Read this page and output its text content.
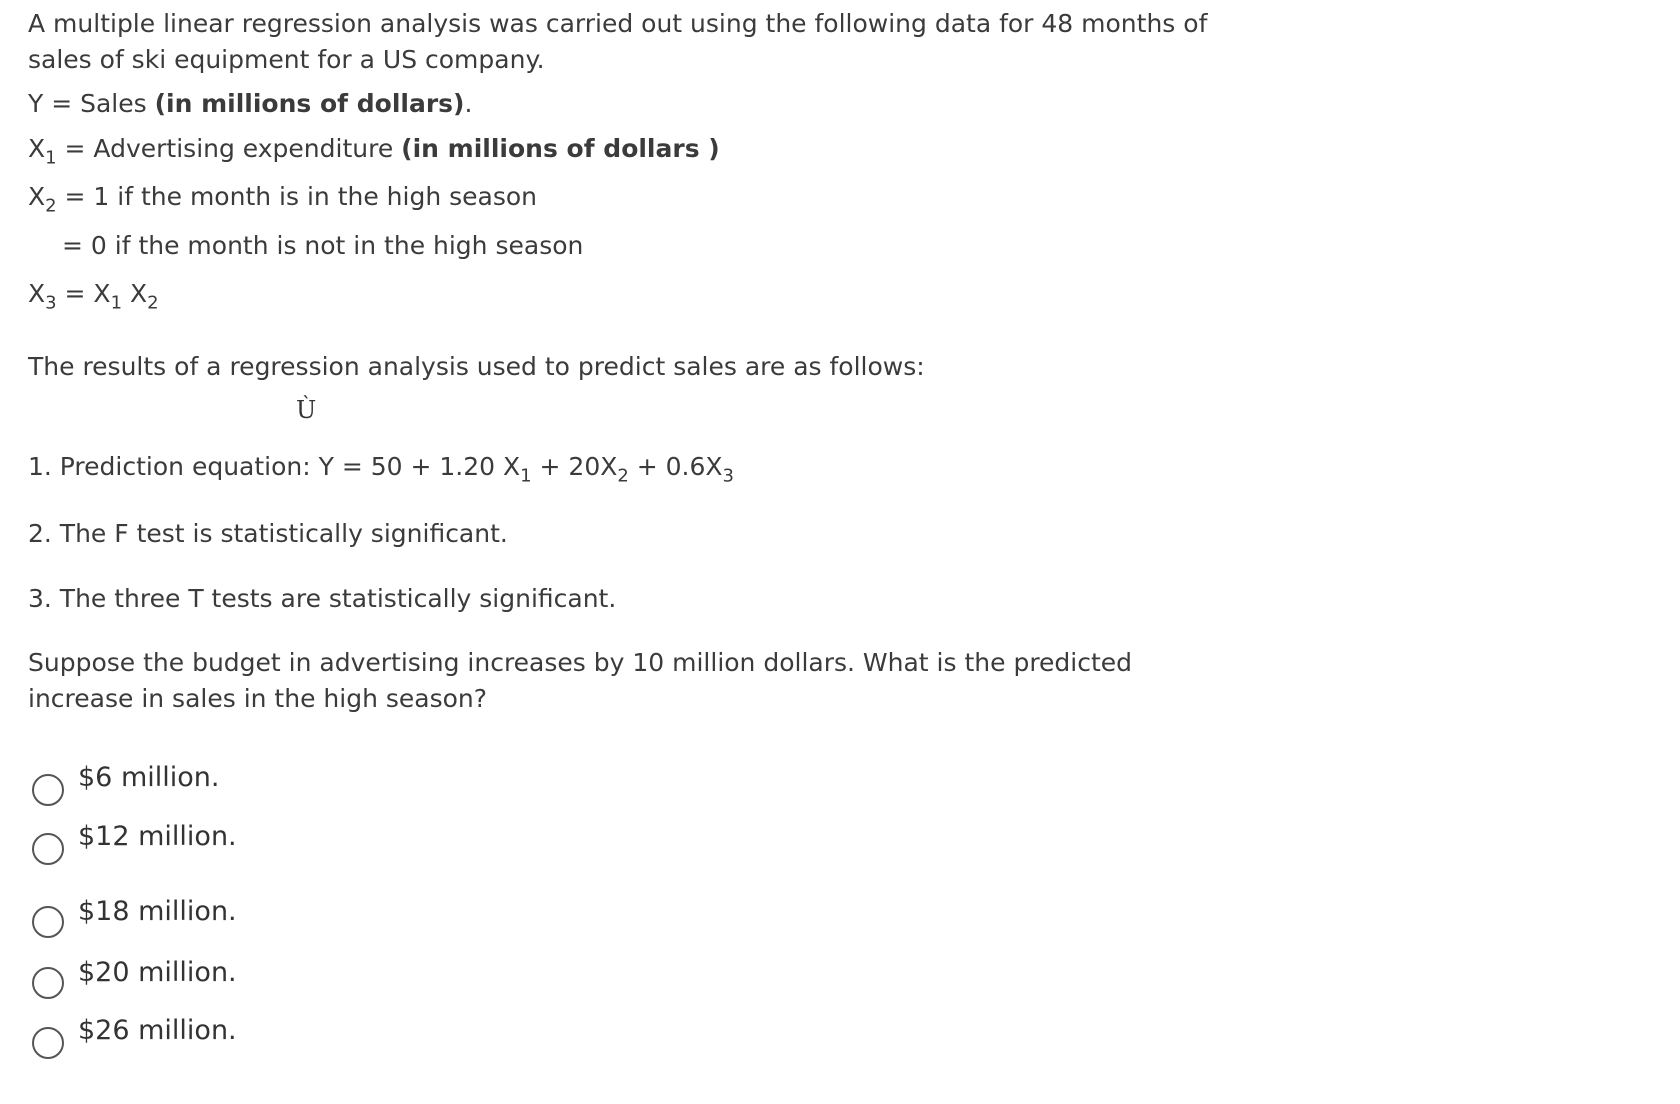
A multiple linear regression analysis was carried out using the following data for 48 months of sales of ski equipment for a US company.
Y = Sales (in millions of dollars).
$X_1$ = Advertising expenditure (in millions of dollars )
$X_2 = 1$ if the month is in the high season
= 0 if the month is not in the high season
$X_3 = X_1$ $X_2$
The results of a regression analysis used to predict sales are as follows:
Ù
1. Prediction equation: Y = 50 + 1.20 $X_1 + 20X_2 + 0.6X_3$
2. The F test is statistically significant.
3. The three T tests are statistically significant.
Suppose the budget in advertising increases by 10 million dollars. What is the predicted increase in sales in the high season?
$6 million.
$12 million.
$18 million.
$20 million.
$26 million.
